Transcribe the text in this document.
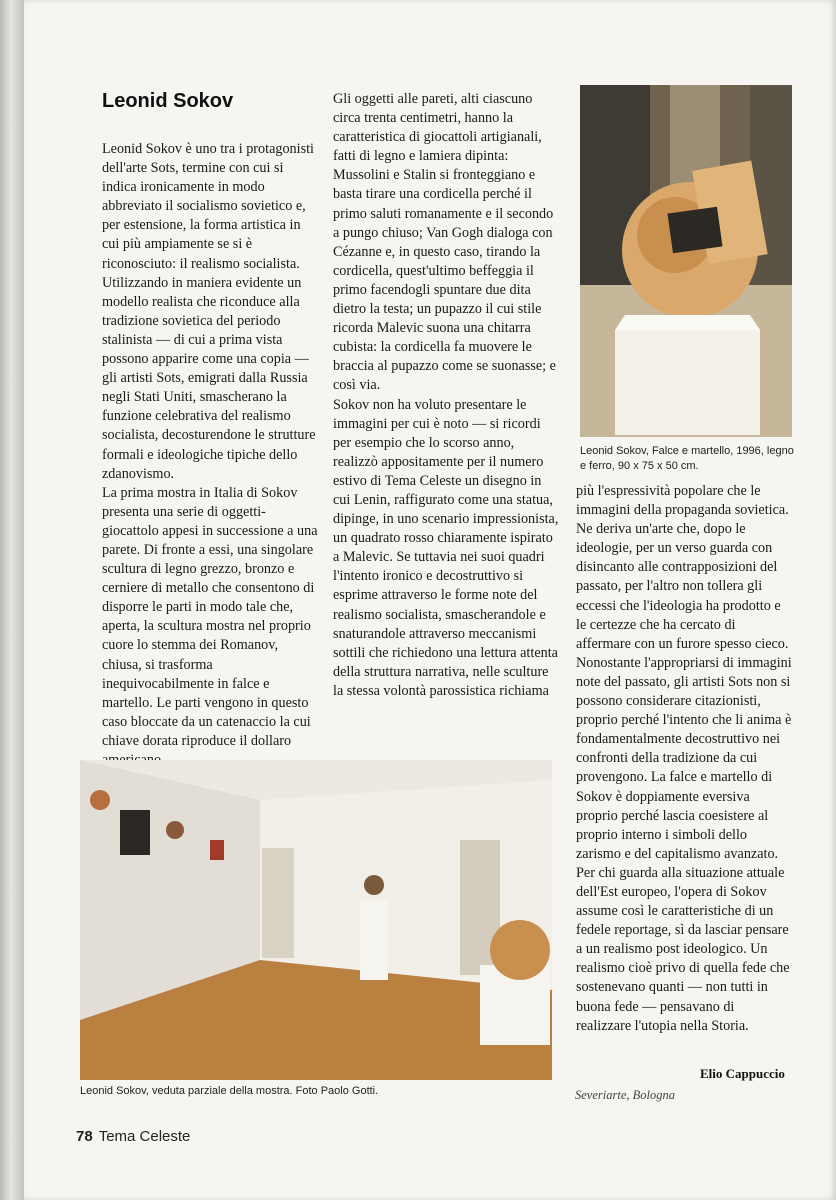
Leonid Sokov

Leonid Sokov è uno tra i protagonisti dell'arte Sots, termine con cui si indica ironicamente in modo abbreviato il socialismo sovietico e, per estensione, la forma artistica in cui più ampiamente se si è riconosciuto: il realismo socialista. Utilizzando in maniera evidente un modello realista che riconduce alla tradizione sovietica del periodo stalinista — di cui a prima vista possono apparire come una copia — gli artisti Sots, emigrati dalla Russia negli Stati Uniti, smascherano la funzione celebrativa del realismo socialista, decosturendone le strutture formali e ideologiche tipiche dello zdanovismo.

La prima mostra in Italia di Sokov presenta una serie di oggetti-giocattolo appesi in successione a una parete. Di fronte a essi, una singolare scultura di legno grezzo, bronzo e cerniere di metallo che consentono di disporre le parti in modo tale che, aperta, la scultura mostra nel proprio cuore lo stemma dei Romanov, chiusa, si trasforma inequivocabilmente in falce e martello. Le parti vengono in questo caso bloccate da un catenaccio la cui chiave dorata riproduce il dollaro

Gli oggetti alle pareti, alti ciascuno circa trenta centimetri, hanno la caratteristica di giocattoli artigianali, fatti di legno e lamiera dipinta: Mussolini e Stalin si fronteggiano e basta tirare una cordicella perché il primo saluti romanamente e il secondo a pungo chiuso; Van Gogh dialoga con Cézanne e, in questo caso, tirando la cordicella, quest'ultimo beffeggia il primo facendogli spuntare due dita dietro la testa; un pupazzo il cui stile ricorda Malevic suona una chitarra cubista: la cordicella fa muovere le braccia al pupazzo come se suonasse; e così via.

Sokov non ha voluto presentare le immagini per cui è noto — si ricordi per esempio che lo scorso anno, realizzò appositamente per il numero estivo di Tema Celeste un disegno in cui Lenin, raffigurato come una statua, dipinge, in uno scenario impressionista, un quadrato rosso chiaramente ispirato a Malevic. Se tuttavia nei suoi quadri l'intento ironico e decostruttivo si esprime attraverso le forme note del realismo socialista, smascherandole e snaturandole attraverso meccanismi sottili che richiedono una lettura attenta della struttura narrativa, nelle sculture la stessa volontà parossistica richiama

Leonid Sokov, Falce e martello, 1996, legno e ferro, 90 x 75 x 50 cm.

più l'espressività popolare che le immagini della propaganda sovietica. Ne deriva un'arte che, dopo le ideologie, per un verso guarda con disincanto alle contrapposizioni del passato, per l'altro non tollera gli eccessi che l'ideologia ha prodotto e le certezze che ha cercato di affermare con un furore spesso cieco.

Nonostante l'appropriarsi di immagini note del passato, gli artisti Sots non si possono considerare citazionisti, proprio perché l'intento che li anima è fondamentalmente decostruttivo nei confronti della tradizione da cui provengono. La falce e martello di Sokov è doppiamente eversiva proprio perché lascia coesistere al proprio interno i simboli dello zarismo e del capitalismo avanzato. Per chi guarda alla situazione attuale dell'Est europeo, l'opera di Sokov assume così le caratteristiche di un fedele reportage, sì da lasciar pensare a un realismo post ideologico. Un realismo cioè privo di quella fede che sostenevano quanti — non tutti in buona fede — pensavano di realizzare l'utopia nella Storia.

Elio Cappuccio
Severiarte, Bologna
Leonid Sokov, veduta parziale della mostra. Foto Paolo Gotti.
78 Tema Celeste
